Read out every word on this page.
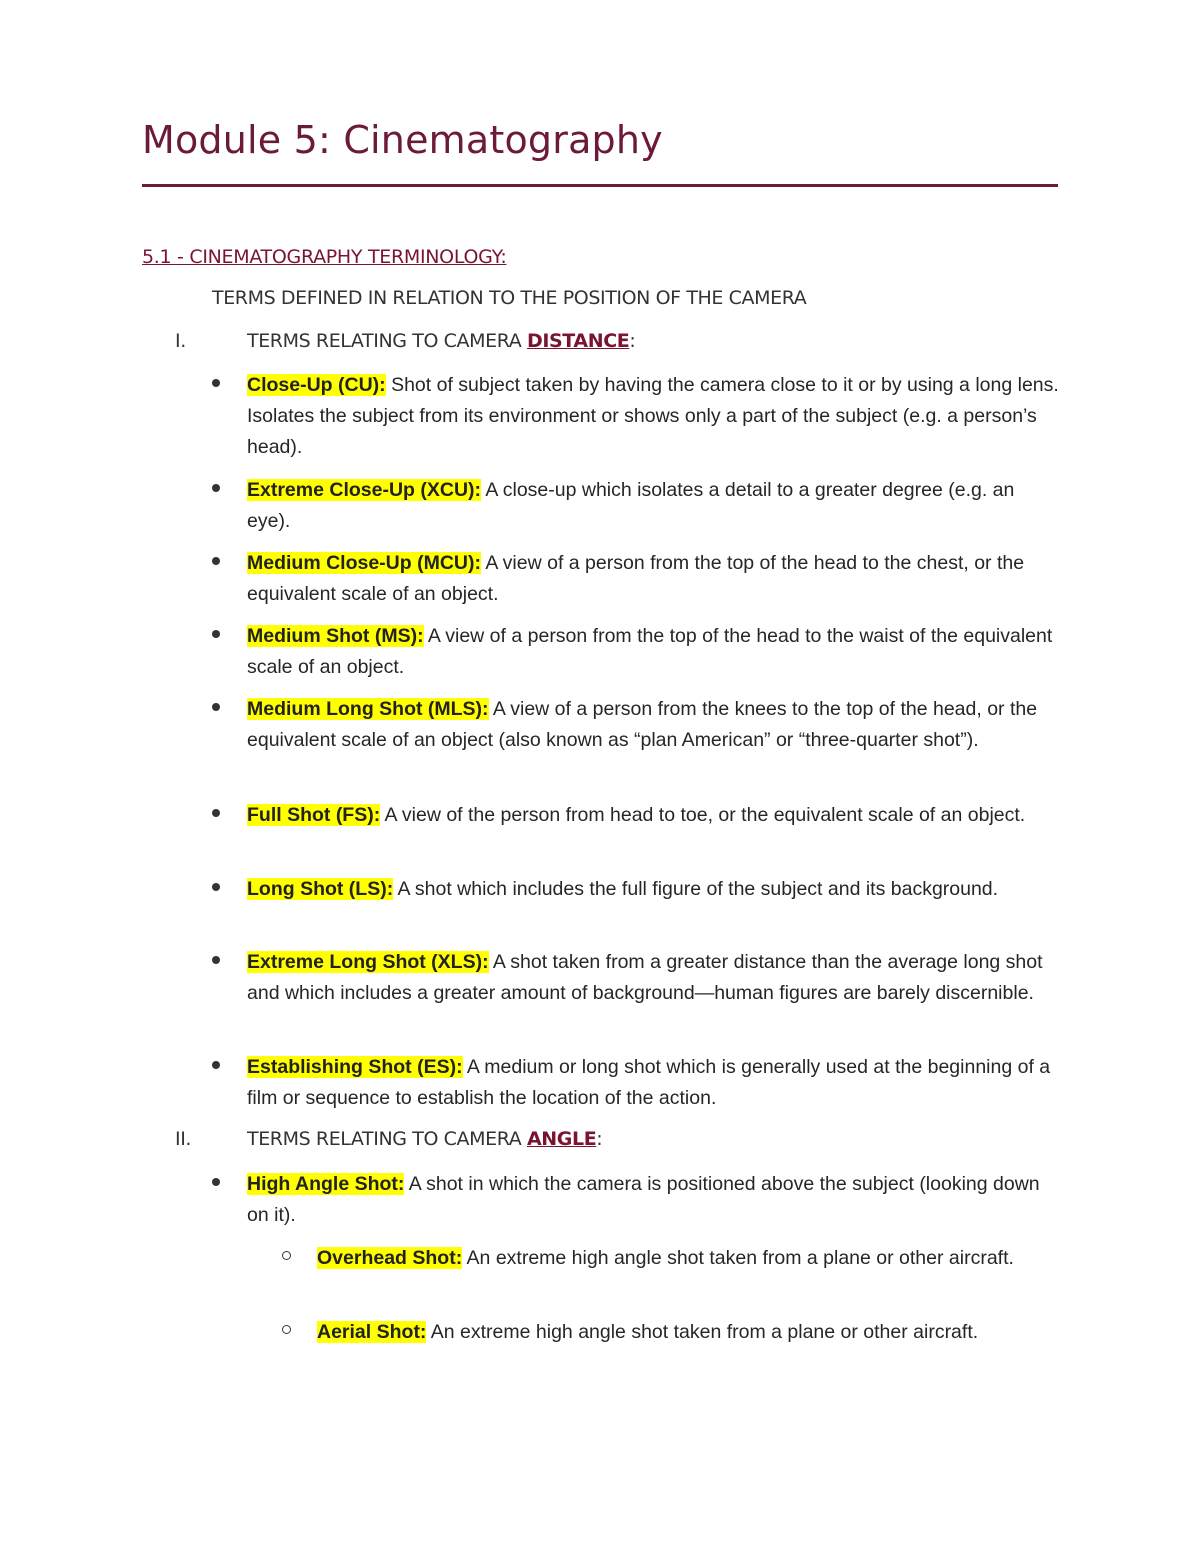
Module 5: Cinematography
5.1 - CINEMATOGRAPHY TERMINOLOGY:
TERMS DEFINED IN RELATION TO THE POSITION OF THE CAMERA
I.	TERMS RELATING TO CAMERA DISTANCE:
Close-Up (CU): Shot of subject taken by having the camera close to it or by using a long lens. Isolates the subject from its environment or shows only a part of the subject (e.g. a person’s head).
Extreme Close-Up (XCU): A close-up which isolates a detail to a greater degree (e.g. an eye).
Medium Close-Up (MCU): A view of a person from the top of the head to the chest, or the equivalent scale of an object.
Medium Shot (MS): A view of a person from the top of the head to the waist of the equivalent scale of an object.
Medium Long Shot (MLS): A view of a person from the knees to the top of the head, or the equivalent scale of an object (also known as “plan American” or “three-quarter shot”).
Full Shot (FS): A view of the person from head to toe, or the equivalent scale of an object.
Long Shot (LS): A shot which includes the full figure of the subject and its background.
Extreme Long Shot (XLS): A shot taken from a greater distance than the average long shot and which includes a greater amount of background—human figures are barely discernible.
Establishing Shot (ES): A medium or long shot which is generally used at the beginning of a film or sequence to establish the location of the action.
II.	TERMS RELATING TO CAMERA ANGLE:
High Angle Shot: A shot in which the camera is positioned above the subject (looking down on it).
Overhead Shot: An extreme high angle shot taken from a plane or other aircraft.
Aerial Shot: An extreme high angle shot taken from a plane or other aircraft.
